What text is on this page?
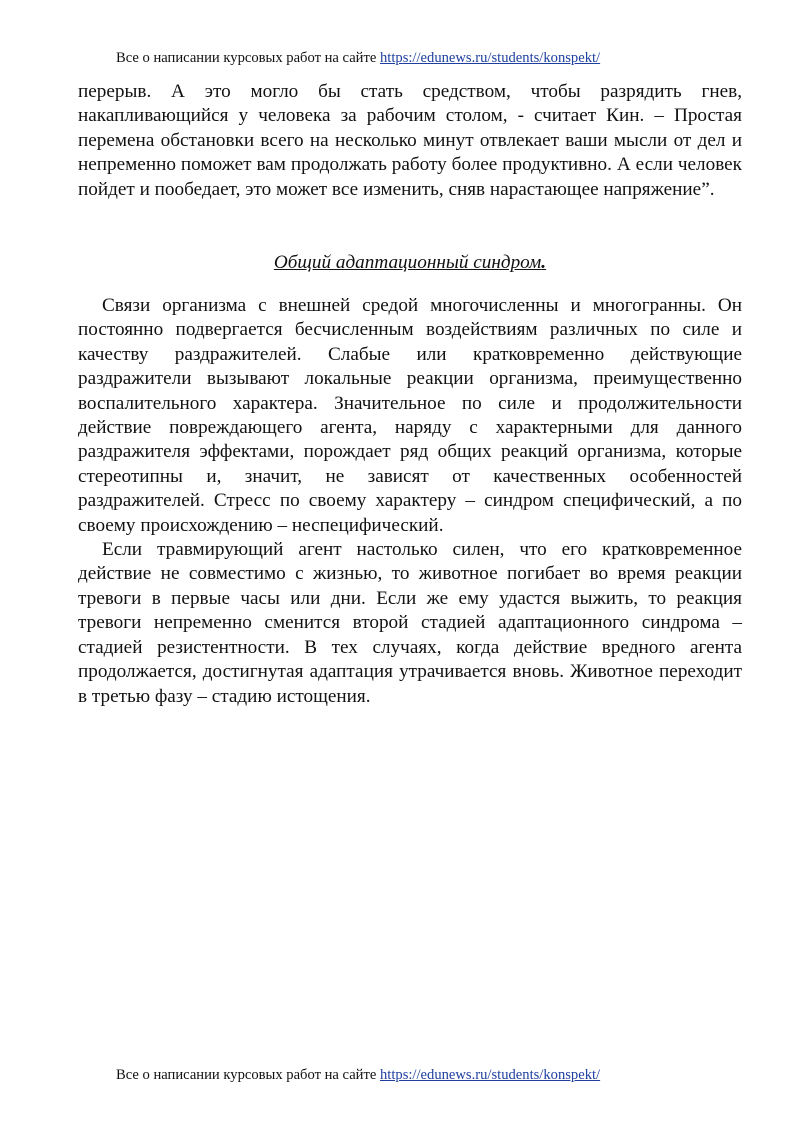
Все о написании курсовых работ на сайте https://edunews.ru/students/konspekt/

перерыв. А это могло бы стать средством, чтобы разрядить гнев, накапливающийся у человека за рабочим столом, - считает Кин. – Простая перемена обстановки всего на несколько минут отвлекает ваши мысли от дел и непременно поможет вам продолжать работу более продуктивно. А если человек пойдет и пообедает, это может все изменить, сняв нарастающее напряжение”.

Общий адаптационный синдром.

Связи организма с внешней средой многочисленны и многогранны. Он постоянно подвергается бесчисленным воздействиям различных по силе и качеству раздражителей. Слабые или кратковременно действующие раздражители вызывают локальные реакции организма, преимущественно воспалительного характера. Значительное по силе и продолжительности действие повреждающего агента, наряду с характерными для данного раздражителя эффектами, порождает ряд общих реакций организма, которые стереотипны и, значит, не зависят от качественных особенностей раздражителей. Стресс по своему характеру – синдром специфический, а по своему происхождению – неспецифический.

Если травмирующий агент настолько силен, что его кратковременное действие не совместимо с жизнью, то животное погибает во время реакции тревоги в первые часы или дни. Если же ему удастся выжить, то реакция тревоги непременно сменится второй стадией адаптационного синдрома – стадией резистентности. В тех случаях, когда действие вредного агента продолжается, достигнутая адаптация утрачивается вновь. Животное переходит в третью фазу – стадию истощения.

Все о написании курсовых работ на сайте https://edunews.ru/students/konspekt/
